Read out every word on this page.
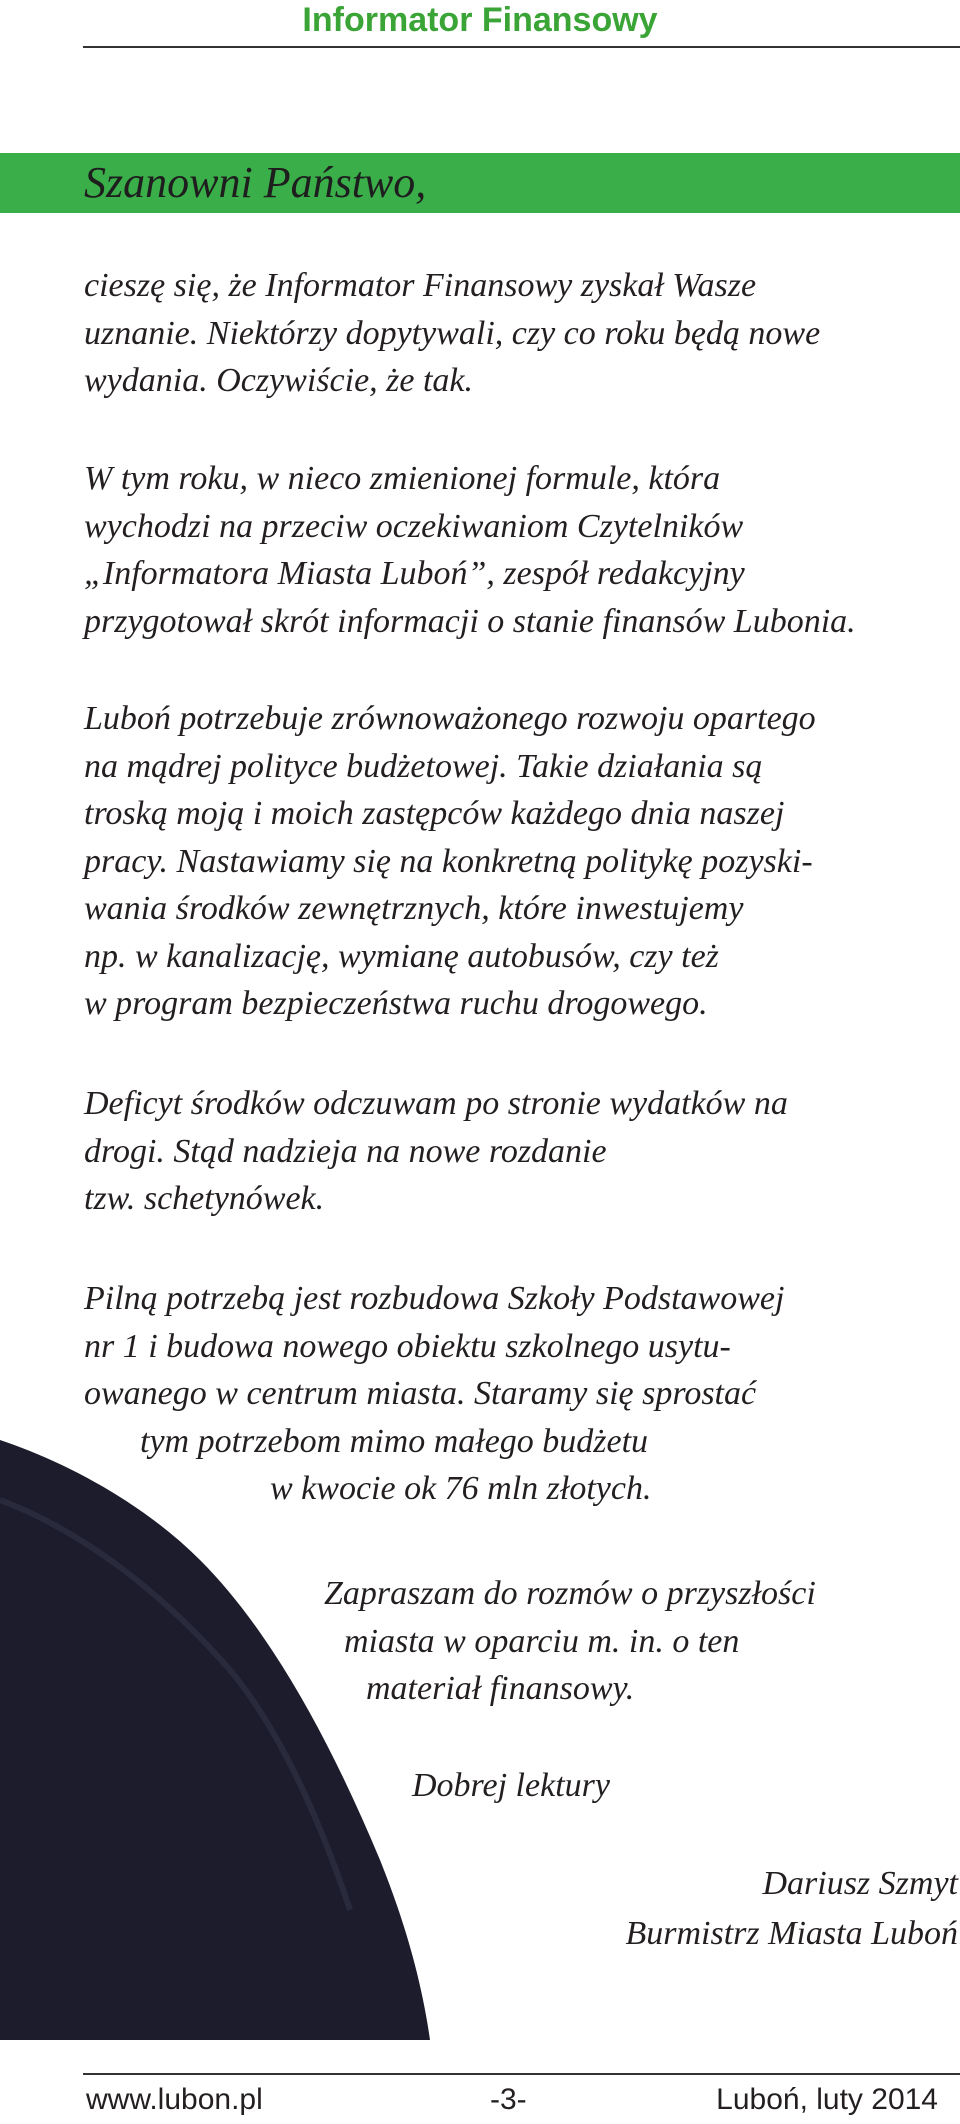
Informator Finansowy
Szanowni Państwo,

cieszę się, że Informator Finansowy zyskał Wasze
uznanie. Niektórzy dopytywali, czy co roku będą nowe
wydania. Oczywiście, że tak.

W tym roku, w nieco zmienionej formule, która
wychodzi na przeciw oczekiwaniom Czytelników
„Informatora Miasta Luboń”, zespół redakcyjny
przygotował skrót informacji o stanie finansów Lubonia.

Luboń potrzebuje zrównoważonego rozwoju opartego
na mądrej polityce budżetowej. Takie działania są
troską moją i moich zastępców każdego dnia naszej
pracy. Nastawiamy się na konkretną politykę pozyski-
wania środków zewnętrznych, które inwestujemy
np. w kanalizację, wymianę autobusów, czy też
w program bezpieczeństwa ruchu drogowego.

Deficyt środków odczuwam po stronie wydatków na
drogi. Stąd nadzieja na nowe rozdanie
tzw. schetynówek.

Pilną potrzebą jest rozbudowa Szkoły Podstawowej
nr 1 i budowa nowego obiektu szkolnego usytu-
owanego w centrum miasta. Staramy się sprostać
tym potrzebom mimo małego budżetu
w kwocie ok 76 mln złotych.

Zapraszam do rozmów o przyszłości
miasta w oparciu m. in. o ten
materiał finansowy.

Dobrej lektury

Dariusz Szmyt
Burmistrz Miasta Luboń
www.lubon.pl	-3-	Luboń, luty 2014
